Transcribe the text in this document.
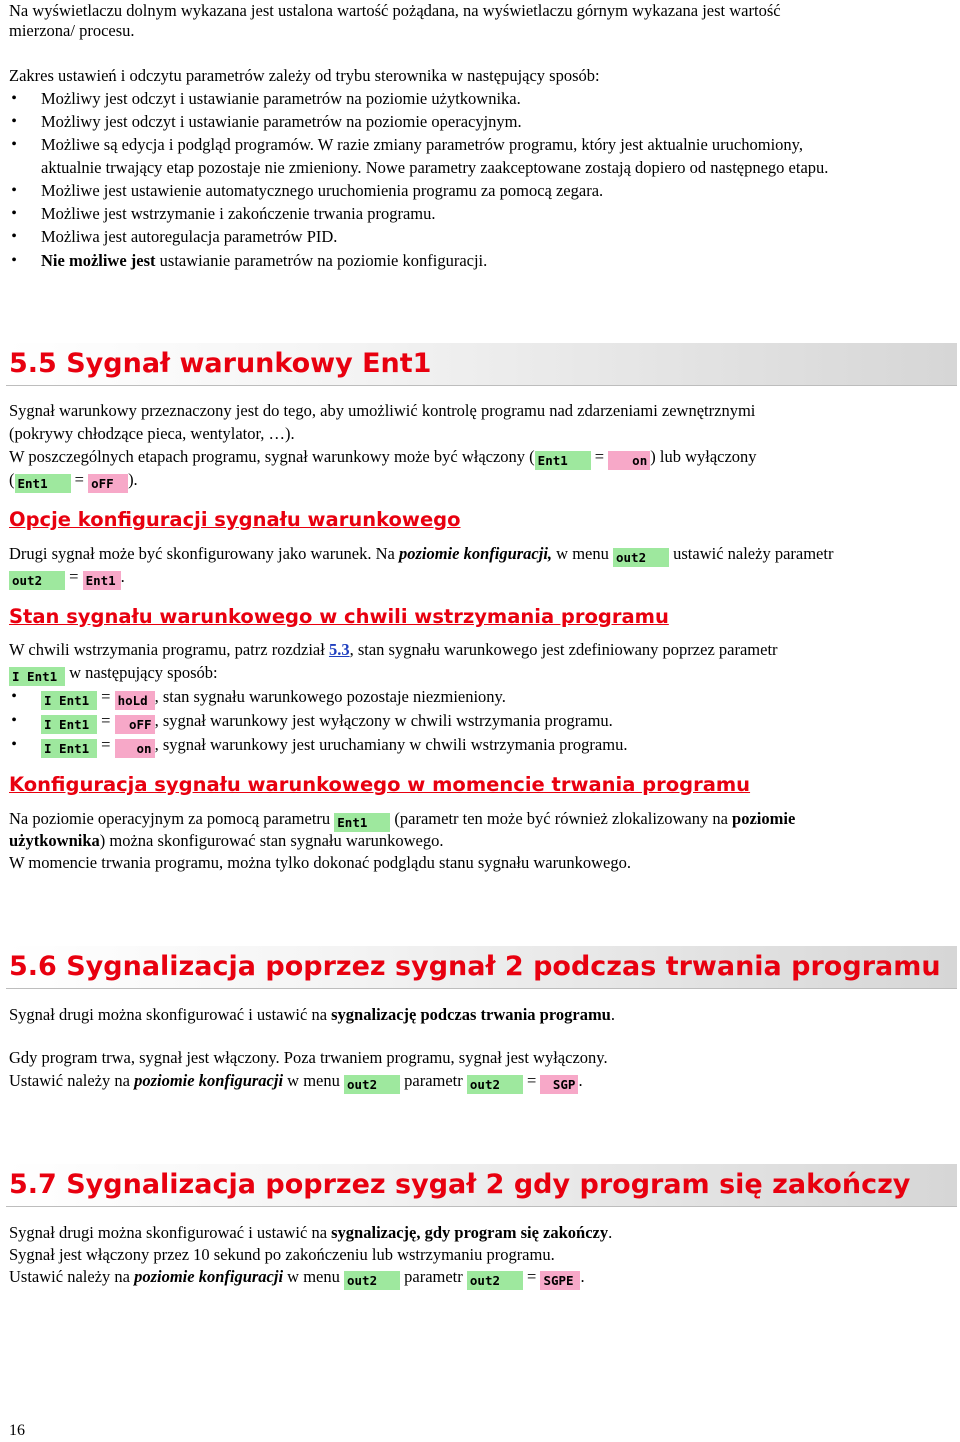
Na wyświetlaczu dolnym wykazana jest ustalona wartość pożądana, na wyświetlaczu górnym wykazana jest wartość
mierzona/ procesu.
Zakres ustawień i odczytu parametrów zależy od trybu sterownika w następujący sposób:
• Możliwy jest odczyt i ustawianie parametrów na poziomie użytkownika.
• Możliwy jest odczyt i ustawianie parametrów na poziomie operacyjnym.
• Możliwe są edycja i podgląd programów. W razie zmiany parametrów programu, który jest aktualnie uruchomiony,
aktualnie trwający etap pozostaje nie zmieniony. Nowe parametry zaakceptowane zostają dopiero od następnego etapu.
• Możliwe jest ustawienie automatycznego uruchomienia programu za pomocą zegara.
• Możliwe jest wstrzymanie i zakończenie trwania programu.
• Możliwa jest autoregulacja parametrów PID.
• Nie możliwe jest ustawianie parametrów na poziomie konfiguracji.
5.5 Sygnał warunkowy Ent1
Sygnał warunkowy przeznaczony jest do tego, aby umożliwić kontrolę programu nad zdarzeniami zewnętrznymi
(pokrywy chłodzące pieca, wentylator, …).
W poszczególnych etapach programu, sygnał warunkowy może być włączony ( Ent1 = on ) lub wyłączony
( Ent1 = oFF ).
Opcje konfiguracji sygnału warunkowego
Drugi sygnał może być skonfigurowany jako warunek. Na poziomie konfiguracji, w menu out2 ustawić należy parametr
out2 = Ent1 .
Stan sygnału warunkowego w chwili wstrzymania programu
W chwili wstrzymania programu, patrz rozdział 5.3, stan sygnału warunkowego jest zdefiniowany poprzez parametr
I Ent1 w następujący sposób:
• I Ent1 = hoLd , stan sygnału warunkowego pozostaje niezmieniony.
• I Ent1 = oFF , sygnał warunkowy jest wyłączony w chwili wstrzymania programu.
• I Ent1 = on , sygnał warunkowy jest uruchamiany w chwili wstrzymania programu.
Konfiguracja sygnału warunkowego w momencie trwania programu
Na poziomie operacyjnym za pomocą parametru Ent1 (parametr ten może być również zlokalizowany na poziomie
użytkownika) można skonfigurować stan sygnału warunkowego.
W momencie trwania programu, można tylko dokonać podglądu stanu sygnału warunkowego.
5.6 Sygnalizacja poprzez sygnał 2 podczas trwania programu
Sygnał drugi można skonfigurować i ustawić na sygnalizację podczas trwania programu.
Gdy program trwa, sygnał jest włączony. Poza trwaniem programu, sygnał jest wyłączony.
Ustawić należy na poziomie konfiguracji w menu out2 parametr out2 = SGP .
5.7 Sygnalizacja poprzez sygał 2 gdy program się zakończy
Sygnał drugi można skonfigurować i ustawić na sygnalizację, gdy program się zakończy.
Sygnał jest włączony przez 10 sekund po zakończeniu lub wstrzymaniu programu.
Ustawić należy na poziomie konfiguracji w menu out2 parametr out2 = SGPE .
16
